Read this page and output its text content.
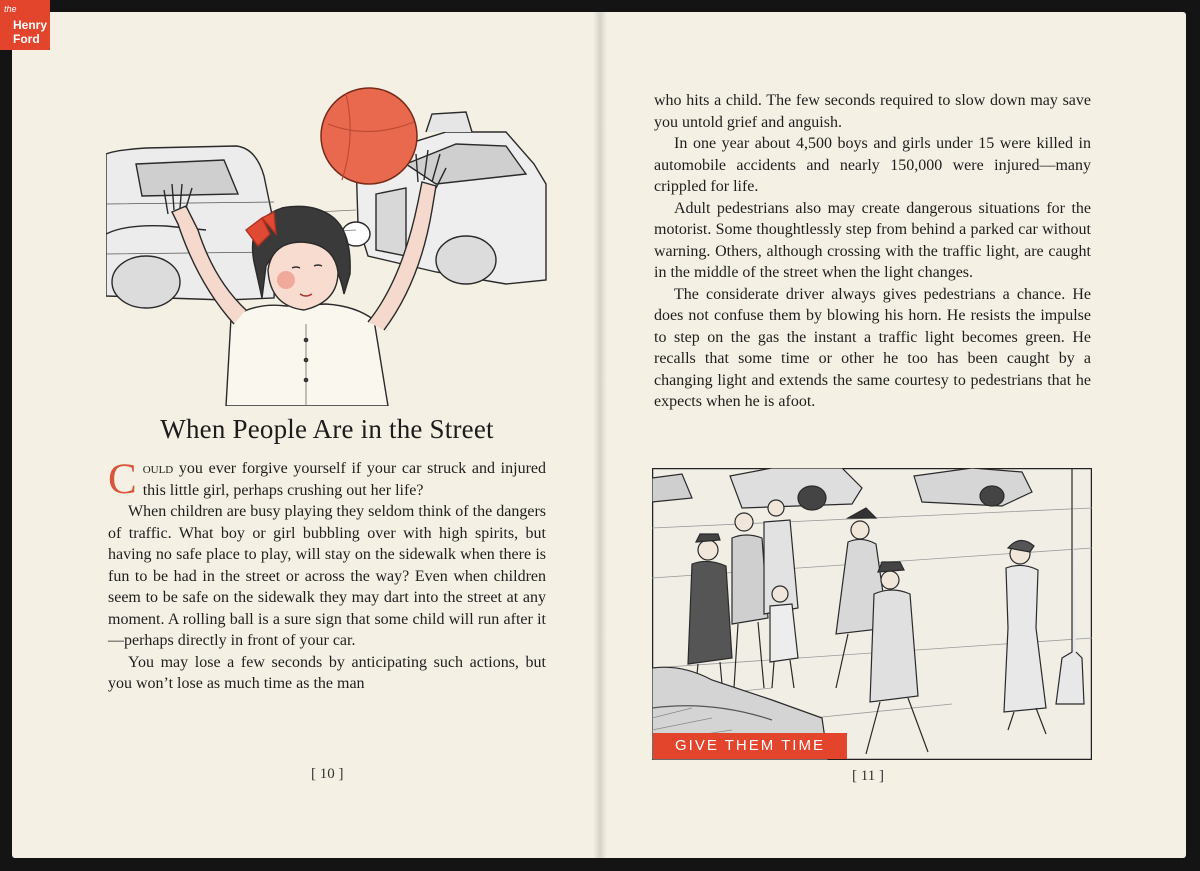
the
Henry
Ford
When People Are in the Street

Could you ever forgive yourself if your car struck and injured this little girl, perhaps crushing out her life?

When children are busy playing they seldom think of the dangers of traffic. What boy or girl bubbling over with high spirits, but having no safe place to play, will stay on the sidewalk when there is fun to be had in the street or across the way? Even when children seem to be safe on the sidewalk they may dart into the street at any moment. A rolling ball is a sure sign that some child will run after it—perhaps directly in front of your car.

You may lose a few seconds by anticipating such actions, but you won’t lose as much time as the man

[ 10 ]

who hits a child. The few seconds required to slow down may save you untold grief and anguish.

In one year about 4,500 boys and girls under 15 were killed in automobile accidents and nearly 150,000 were injured—many crippled for life.

Adult pedestrians also may create dangerous situations for the motorist. Some thoughtlessly step from behind a parked car without warning. Others, although crossing with the traffic light, are caught in the middle of the street when the light changes.

The considerate driver always gives pedestrians a chance. He does not confuse them by blowing his horn. He resists the impulse to step on the gas the instant a traffic light becomes green. He recalls that some time or other he too has been caught by a changing light and extends the same courtesy to pedestrians that he expects when he is afoot.

GIVE THEM TIME
[ 11 ]
